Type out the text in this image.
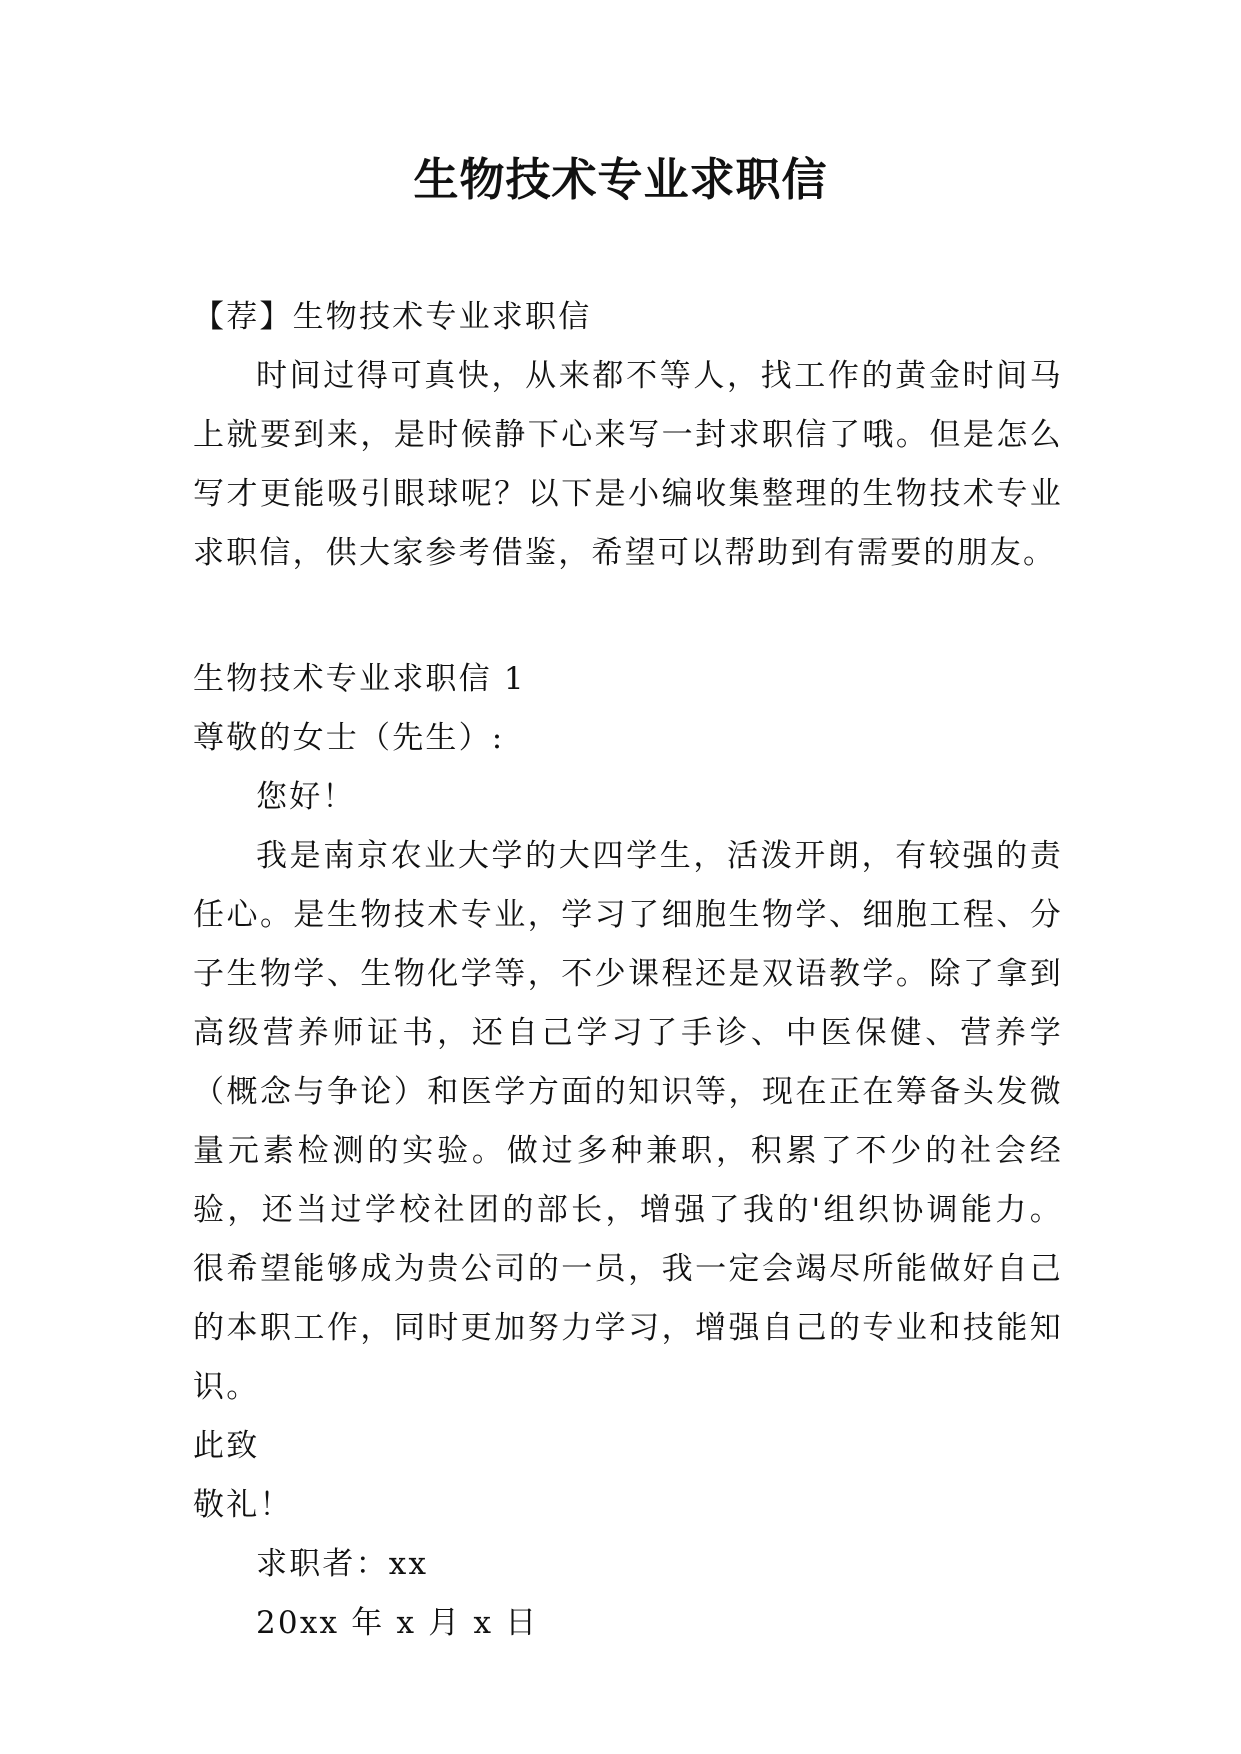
生物技术专业求职信
【荐】生物技术专业求职信
时间过得可真快，从来都不等人，找工作的黄金时间马上就要到来，是时候静下心来写一封求职信了哦。但是怎么写才更能吸引眼球呢？以下是小编收集整理的生物技术专业求职信，供大家参考借鉴，希望可以帮助到有需要的朋友。
生物技术专业求职信 1
尊敬的女士（先生）:
您好！
我是南京农业大学的大四学生，活泼开朗，有较强的责任心。是生物技术专业，学习了细胞生物学、细胞工程、分子生物学、生物化学等，不少课程还是双语教学。除了拿到高级营养师证书，还自己学习了手诊、中医保健、营养学（概念与争论）和医学方面的知识等，现在正在筹备头发微量元素检测的实验。做过多种兼职，积累了不少的社会经验，还当过学校社团的部长，增强了我的'组织协调能力。很希望能够成为贵公司的一员，我一定会竭尽所能做好自己的本职工作，同时更加努力学习，增强自己的专业和技能知识。
此致
敬礼！
求职者：xx
20xx 年 x 月 x 日
